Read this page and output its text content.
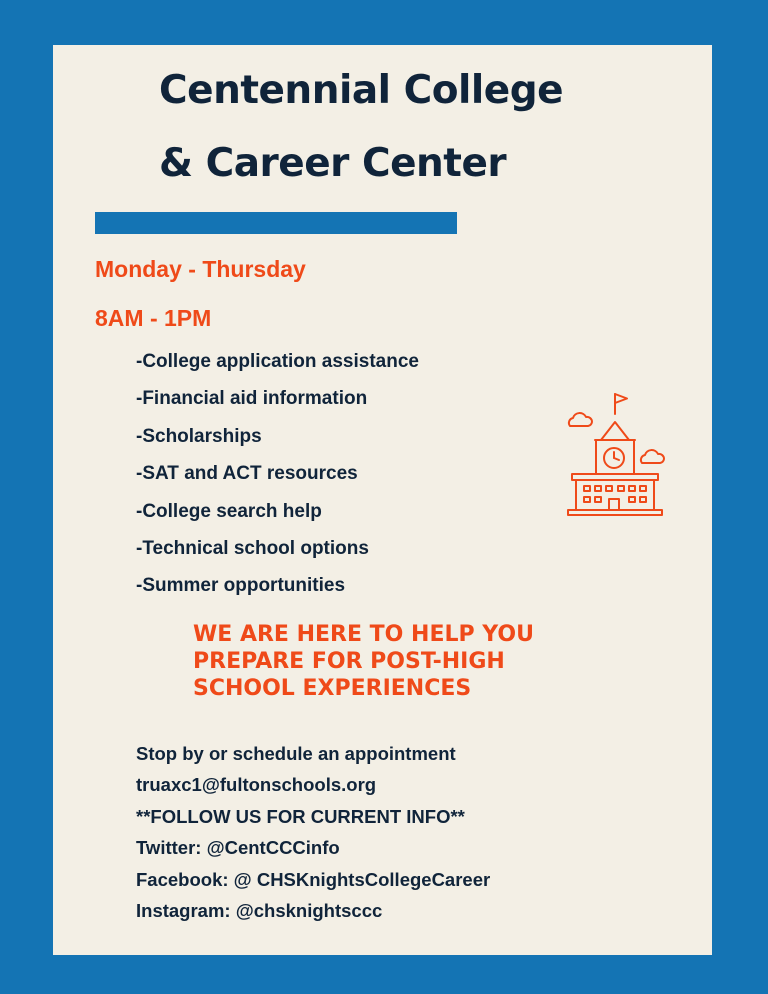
Centennial College
& Career Center

Monday - Thursday

8AM - 1PM

-College application assistance
-Financial aid information
-Scholarships
-SAT and ACT resources
-College search help
-Technical school options
-Summer opportunities

WE ARE HERE TO HELP YOU PREPARE FOR POST-HIGH SCHOOL EXPERIENCES

Stop by or schedule an appointment
truaxc1@fultonschools.org
**FOLLOW US FOR CURRENT INFO**
Twitter: @CentCCCinfo
Facebook: @ CHSKnightsCollegeCareer
Instagram: @chsknightsccc
